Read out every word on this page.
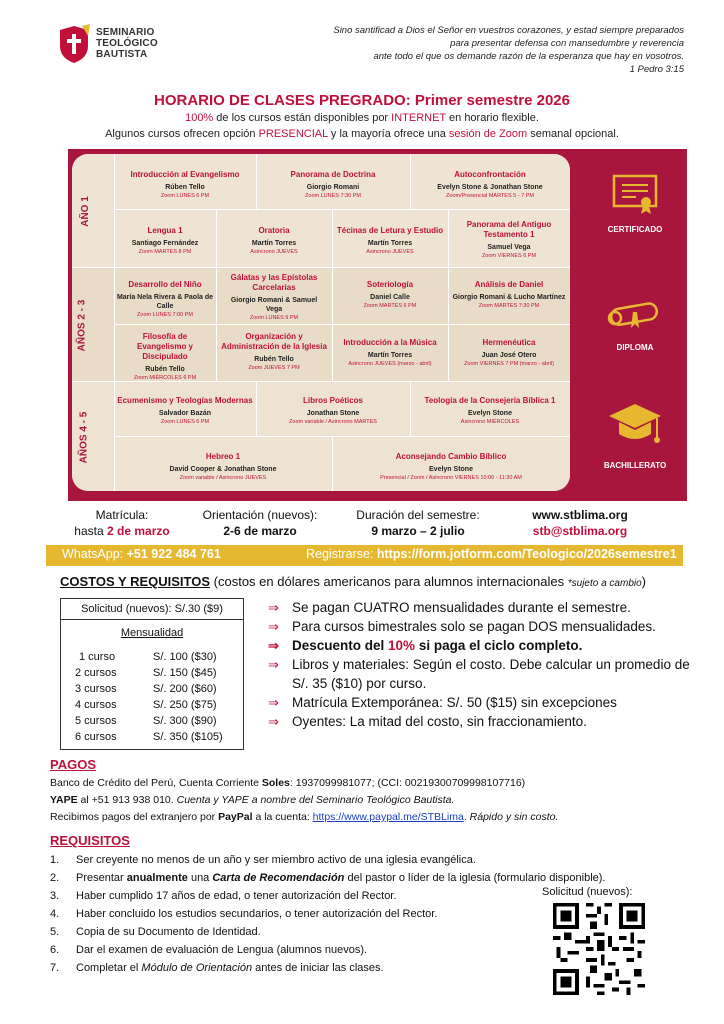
SEMINARIO
TEOLÓGICO
BAUTISTA
Sino santificad a Dios el Señor en vuestros corazones, y estad siempre preparados
para presentar defensa con mansedumbre y reverencia
ante todo el que os demande razón de la esperanza que hay en vosotros.
1 Pedro 3:15
HORARIO DE CLASES PREGRADO: Primer semestre 2026
100% de los cursos están disponibles por INTERNET en horario flexible.
Algunos cursos ofrecen opción PRESENCIAL y la mayoría ofrece una sesión de Zoom semanal opcional.
AÑO 1
AÑOS 2 - 3
AÑOS 4 - 5
Introducción al Evangelismo
Rúben Tello
Zoom LUNES 6 PM
Panorama de Doctrina
Giorgio Romani
Zoom LUNES 7:30 PM
Autoconfrontación
Evelyn Stone & Jonathan Stone
Zoom/Presencial MARTES 5 - 7 PM
Lengua 1
Santiago Fernández
Zoom MARTES 8 PM
Oratoria
Martín Torres
Asincrono JUEVES
Técinas de Letura y Estudio
Martín Torres
Asincrono JUEVES
Panorama del Antiguo Testamento 1
Samuel Vega
Zoom VIERNES 6 PM
Desarrollo del Niño
María Nela Rivera & Paola de Calle
Zoom LUNES 7:00 PM
Gálatas y las Epístolas Carcelarias
Giorgio Romani & Samuel Vega
Zoom LUNES 9 PM
Soteriología
Daniel Calle
Zoom MARTES 6 PM
Análisis de Daniel
Giorgio Romani & Lucho Martínez
Zoom MARTES 7:30 PM
Filosofía de Evangelismo y Discipulado
Rubén Tello
Zoom MIÉRCOLES 6 PM
Organización y Administración de la Iglesia
Rubén Tello
Zoom JUEVES 7 PM
Introducción a la Música
Martín Torres
Asincrono JUEVES (marzo - abril)
Hermenéutica
Juan José Otero
Zoom VIERNES 7 PM (marzo - abril)
Ecumenismo y Teologías Modernas
Salvador Bazán
Zoom LUNES 6 PM
Libros Poéticos
Jonathan Stone
Zoom variable / Asincrono MARTES
Teología de la Consejería Bíblica 1
Evelyn Stone
Asincrono MIÉRCOLES
Hebreo 1
David Cooper & Jonathan Stone
Zoom variable / Asincrono JUEVES
Aconsejando Cambio Bíblico
Evelyn Stone
Presencial / Zoom / Asincrono VIERNES 10:00 - 11:30 AM
CERTIFICADO
DIPLOMA
BACHILLERATO
Matrícula:
hasta 2 de marzo
Orientación (nuevos):
2-6 de marzo
Duración del semestre:
9 marzo – 2 julio
www.stblima.org
stb@stblima.org
WhatsApp: +51 922 484 761	Registrarse: https://form.jotform.com/Teologico/2026semestre1
COSTOS Y REQUISITOS (costos en dólares americanos para alumnos internacionales *sujeto a cambio)
Solicitud (nuevos): S/.30 ($9)
Mensualidad
1 curso	S/. 100 ($30)
2 cursos	S/. 150 ($45)
3 cursos	S/. 200 ($60)
4 cursos	S/. 250 ($75)
5 cursos	S/. 300 ($90)
6 cursos	S/. 350 ($105)
⇒ Se pagan CUATRO mensualidades durante el semestre.
⇒ Para cursos bimestrales solo se pagan DOS mensualidades.
⇒ Descuento del 10% si paga el ciclo completo.
⇒ Libros y materiales: Según el costo. Debe calcular un promedio de S/. 35 ($10) por curso.
⇒ Matrícula Extemporánea: S/. 50 ($15) sin excepciones
⇒ Oyentes: La mitad del costo, sin fraccionamiento.
PAGOS
Banco de Crédito del Perú, Cuenta Corriente Soles: 1937099981077; (CCI: 00219300709998107716)
YAPE al +51 913 938 010. Cuenta y YAPE a nombre del Seminario Teológico Bautista.
Recibimos pagos del extranjero por PayPal a la cuenta: https://www.paypal.me/STBLima. Rápido y sin costo.
REQUISITOS
1. Ser creyente no menos de un año y ser miembro activo de una iglesia evangélica.
2. Presentar anualmente una Carta de Recomendación del pastor o líder de la iglesia (formulario disponible).
3. Haber cumplido 17 años de edad, o tener autorización del Rector.
4. Haber concluido los estudios secundarios, o tener autorización del Rector.
5. Copia de su Documento de Identidad.
6. Dar el examen de evaluación de Lengua (alumnos nuevos).
7. Completar el Módulo de Orientación antes de iniciar las clases.
Solicitud (nuevos):
